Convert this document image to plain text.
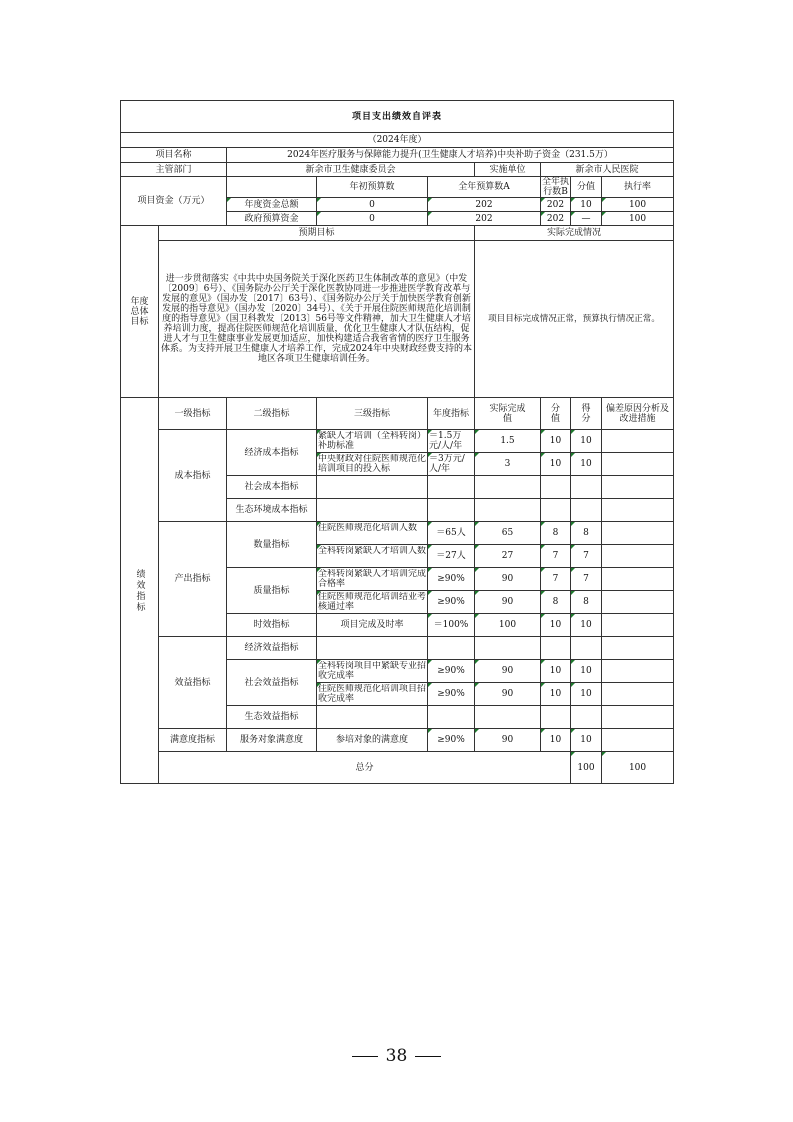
项目支出绩效自评表									
（2024年度）									
项目名称		2024年医疗服务与保障能力提升(卫生健康人才培养)中央补助子资金（231.5万）							
主管部门		新余市卫生健康委员会			实施单位	新余市人民医院			
项目资金（万元）			年初预算数	全年预算数A		全年执行数B	分值	执行率	
		年度资金总额	0	202		202	10	100	
		政府预算资金	0	202		202	—	100	
年度总体目标	预期目标				实际完成情况				
	进一步贯彻落实《中共中央国务院关于深化医药卫生体制改革的意见》（中发〔2009〕6号）、《国务院办公厅关于深化医教协同进一步推进医学教育改革与发展的意见》（国办发〔2017〕63号）、《国务院办公厅关于加快医学教育创新发展的指导意见》（国办发〔2020〕34号）、《关于开展住院医师规范化培训制度的指导意见》（国卫科教发〔2013〕56号等文件精神，加大卫生健康人才培养培训力度，提高住院医师规范化培训质量，优化卫生健康人才队伍结构，促进人才与卫生健康事业发展更加适应，加快构建适合我省省情的医疗卫生服务体系。为支持开展卫生健康人才培养工作，完成2024年中央财政经费支持的本地区各项卫生健康培训任务。				项目目标完成情况正常，预算执行情况正常。				
绩效指标	一级指标	二级指标	三级指标	年度指标	实际完成值	分值	得分	偏差原因分析及改进措施	
	成本指标	经济成本指标	紧缺人才培训（全科转岗）补助标准	＝1.5万元/人/年	1.5	10	10		

			中央财政对住院医师规范化培训项目的投入标	＝3万元/人/年	3	10	10		
		社会成本指标							
		生态环境成本指标							
	产出指标	数量指标	住院医师规范化培训人数	＝65人	65	8	8		

			全科转岗紧缺人才培训人数	＝27人	27	7	7		
		质量指标	全科转岗紧缺人才培训完成合格率	≥90%	90	7	7		

			住院医师规范化培训结业考核通过率	≥90%	90	8	8		
		时效指标	项目完成及时率	＝100%	100	10	10		
	效益指标	经济效益指标							
		社会效益指标	全科转岗项目中紧缺专业招收完成率	≥90%	90	10	10		

			住院医师规范化培训项目招收完成率	≥90%	90	10	10		
		生态效益指标							
	满意度指标	服务对象满意度	参培对象的满意度	≥90%	90	10	10		
	总分						100	100	
38
